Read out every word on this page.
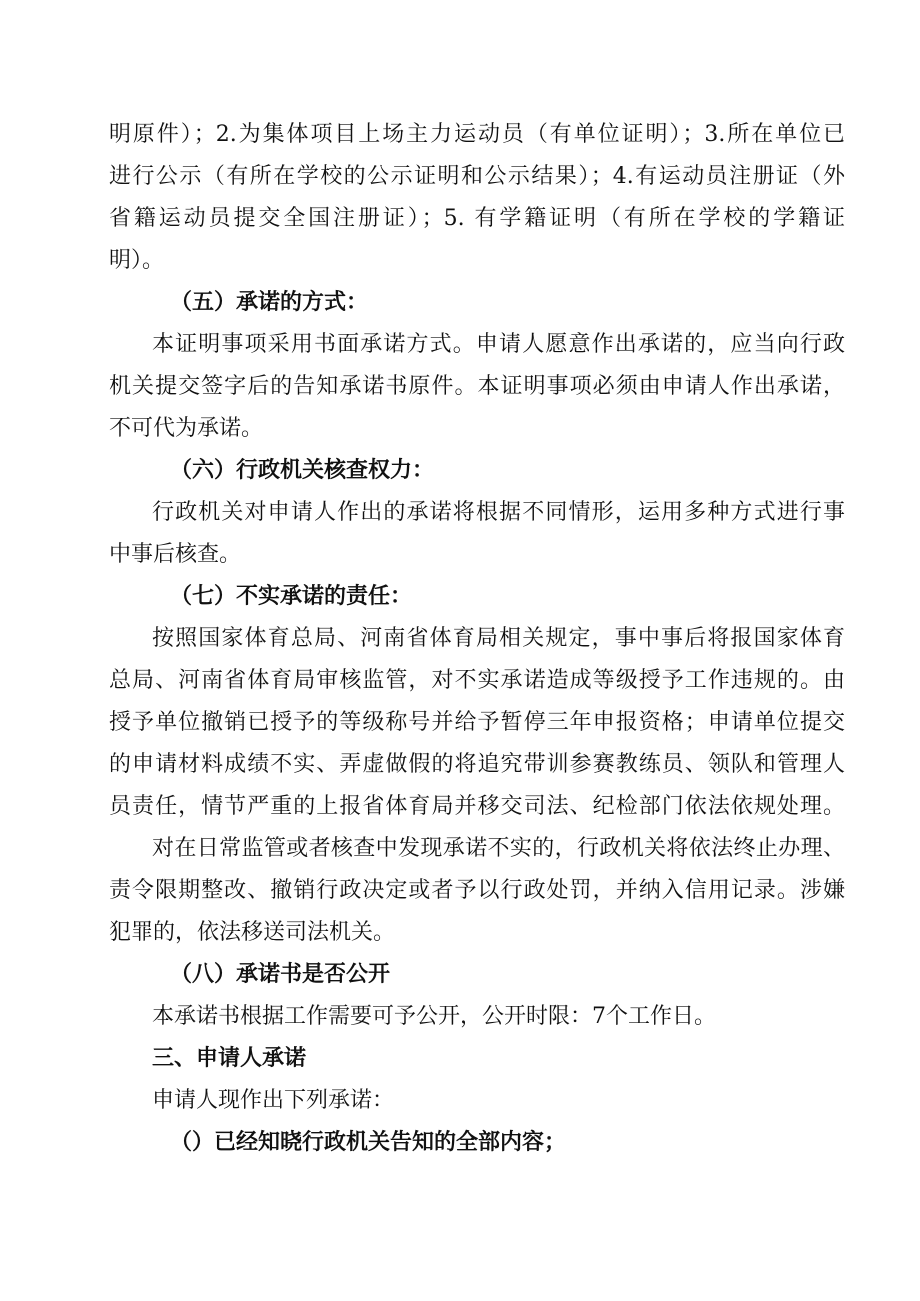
明原件）；2.为集体项目上场主力运动员（有单位证明）；3.所在单位已
进行公示（有所在学校的公示证明和公示结果）；4.有运动员注册证（外
省籍运动员提交全国注册证）；5. 有学籍证明（有所在学校的学籍证
明）。
（五）承诺的方式：
本证明事项采用书面承诺方式。申请人愿意作出承诺的，应当向行政
机关提交签字后的告知承诺书原件。本证明事项必须由申请人作出承诺，
不可代为承诺。
（六）行政机关核查权力：
行政机关对申请人作出的承诺将根据不同情形，运用多种方式进行事
中事后核查。
（七）不实承诺的责任：
按照国家体育总局、河南省体育局相关规定，事中事后将报国家体育
总局、河南省体育局审核监管，对不实承诺造成等级授予工作违规的。由
授予单位撤销已授予的等级称号并给予暂停三年申报资格；申请单位提交
的申请材料成绩不实、弄虚做假的将追究带训参赛教练员、领队和管理人
员责任，情节严重的上报省体育局并移交司法、纪检部门依法依规处理。
对在日常监管或者核查中发现承诺不实的，行政机关将依法终止办理、
责令限期整改、撤销行政决定或者予以行政处罚，并纳入信用记录。涉嫌
犯罪的，依法移送司法机关。
（八）承诺书是否公开
本承诺书根据工作需要可予公开，公开时限：7个工作日。
三、申请人承诺
申请人现作出下列承诺：
（）已经知晓行政机关告知的全部内容；
